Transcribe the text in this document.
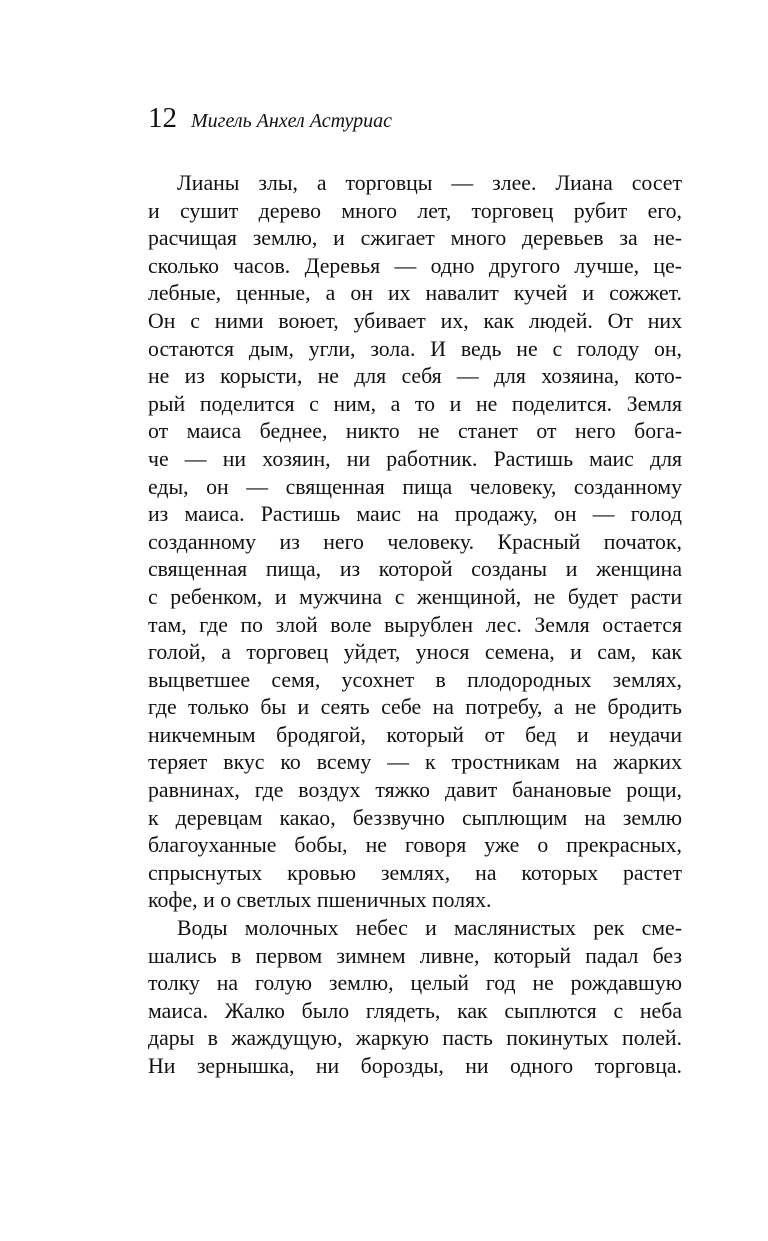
12 Мигель Анхел Астуриас
Лианы злы, а торговцы — злее. Лиана сосет
и сушит дерево много лет, торговец рубит его,
расчищая землю, и сжигает много деревьев за не-
сколько часов. Деревья — одно другого лучше, це-
лебные, ценные, а он их навалит кучей и сожжет.
Он с ними воюет, убивает их, как людей. От них
остаются дым, угли, зола. И ведь не с голоду он,
не из корысти, не для себя — для хозяина, кото-
рый поделится с ним, а то и не поделится. Земля
от маиса беднее, никто не станет от него бога-
че — ни хозяин, ни работник. Растишь маис для
еды, он — священная пища человеку, созданному
из маиса. Растишь маис на продажу, он — голод
созданному из него человеку. Красный початок,
священная пища, из которой созданы и женщина
с ребенком, и мужчина с женщиной, не будет расти
там, где по злой воле вырублен лес. Земля остается
голой, а торговец уйдет, унося семена, и сам, как
выцветшее семя, усохнет в плодородных землях,
где только бы и сеять себе на потребу, а не бродить
никчемным бродягой, который от бед и неудачи
теряет вкус ко всему — к тростникам на жарких
равнинах, где воздух тяжко давит банановые рощи,
к деревцам какао, беззвучно сыплющим на землю
благоуханные бобы, не говоря уже о прекрасных,
спрыснутых кровью землях, на которых растет
кофе, и о светлых пшеничных полях.
Воды молочных небес и маслянистых рек сме-
шались в первом зимнем ливне, который падал без
толку на голую землю, целый год не рождавшую
маиса. Жалко было глядеть, как сыплются с неба
дары в жаждущую, жаркую пасть покинутых полей.
Ни зернышка, ни борозды, ни одного торговца.
